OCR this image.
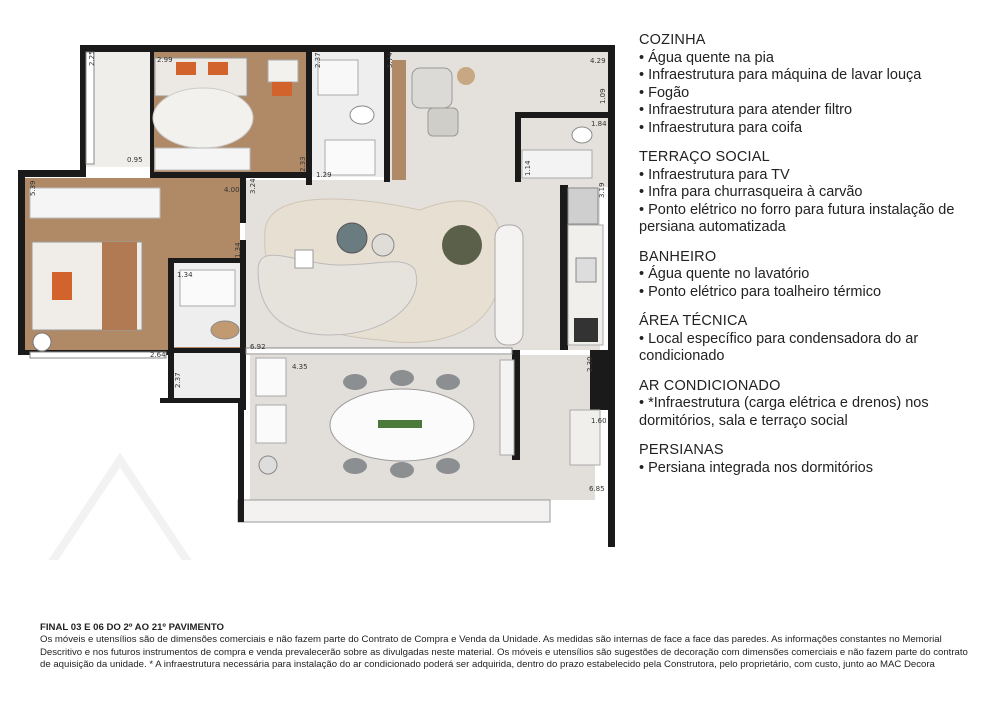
2.25	2.99	2.37	5.74	4.29
1.09
1.84
0.95	2.33
1.29	1.14
5.39	4.00 3.24	3.19
1.34
1.34
2.64
6.92
4.35
2.37
2.30
1.60
6.85
COZINHA
• Água quente na pia
• Infraestrutura para máquina de lavar louça
• Fogão
• Infraestrutura para atender filtro
• Infraestrutura para coifa
TERRAÇO SOCIAL
• Infraestrutura para TV
• Infra para churrasqueira à carvão
• Ponto elétrico no forro para futura instalação de persiana automatizada
BANHEIRO
• Água quente no lavatório
• Ponto elétrico para toalheiro térmico
ÁREA TÉCNICA
• Local específico para condensadora do ar condicionado
AR CONDICIONADO
• *Infraestrutura (carga elétrica e drenos) nos dormitórios, sala e terraço social
PERSIANAS
• Persiana integrada nos dormitórios
FINAL 03 E 06 DO 2º AO 21º PAVIMENTO
Os móveis e utensílios são de dimensões comerciais e não fazem parte do Contrato de Compra e Venda da Unidade. As medidas são internas de face a face das paredes. As informações constantes no Memorial Descritivo e nos futuros instrumentos de compra e venda prevalecerão sobre as divulgadas neste material. Os móveis e utensílios são sugestões de decoração com dimensões comerciais e não fazem parte do contrato de aquisição da unidade. * A infraestrutura necessária para instalação do ar condicionado poderá ser adquirida, dentro do prazo estabelecido pela Construtora, pelo proprietário, com custo, junto ao MAC Decora
